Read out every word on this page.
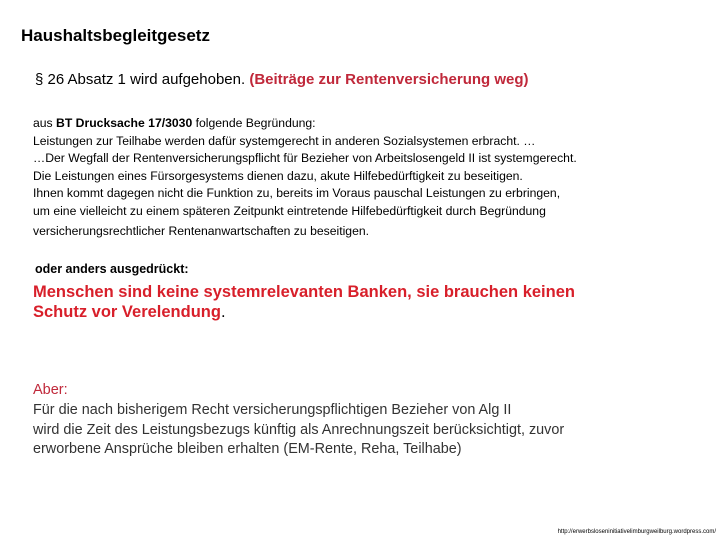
Haushaltsbegleitgesetz
§ 26 Absatz 1 wird aufgehoben. (Beiträge zur Rentenversicherung weg)
aus BT Drucksache 17/3030 folgende Begründung:
Leistungen zur Teilhabe werden dafür systemgerecht in anderen Sozialsystemen erbracht. …
…Der Wegfall der Rentenversicherungspflicht für Bezieher von Arbeitslosengeld II ist systemgerecht.
Die Leistungen eines Fürsorgesystems dienen dazu, akute Hilfebedürftigkeit zu beseitigen.
Ihnen kommt dagegen nicht die Funktion zu, bereits im Voraus pauschal Leistungen zu erbringen,
um eine vielleicht zu einem späteren Zeitpunkt eintretende Hilfebedürftigkeit durch Begründung
versicherungsrechtlicher Rentenanwartschaften zu beseitigen.
oder anders ausgedrückt:
Menschen sind keine systemrelevanten Banken, sie brauchen keinen
Schutz vor Verelendung.
Aber:
Für die nach bisherigem Recht versicherungspflichtigen Bezieher von Alg II
wird die Zeit des Leistungsbezugs künftig als Anrechnungszeit berücksichtigt, zuvor
erworbene Ansprüche bleiben erhalten (EM-Rente, Reha, Teilhabe)
http://erwerbsloseninitiativelimburgweilburg.wordpress.com/
